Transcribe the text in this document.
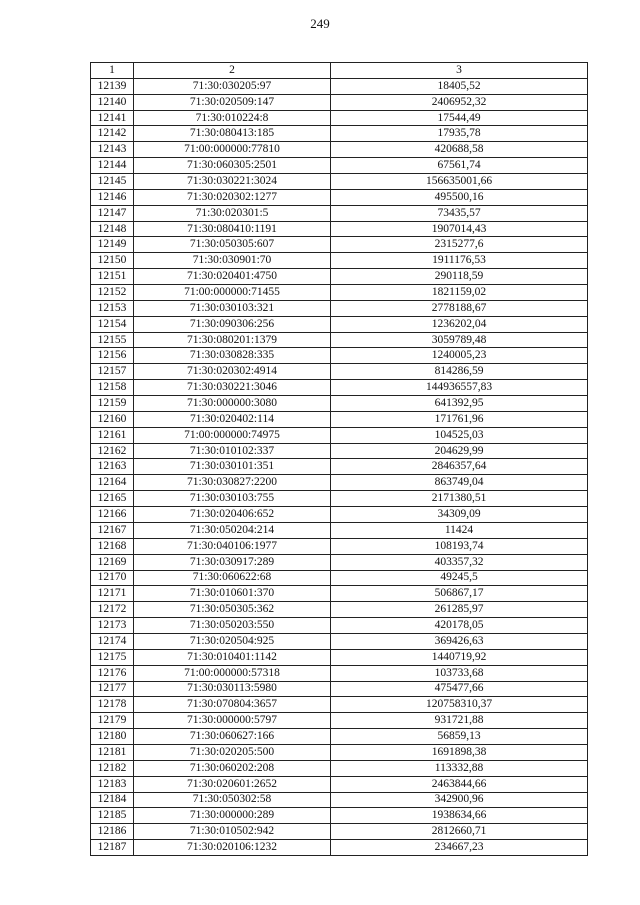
249
1	2	3
12139	71:30:030205:97	18405,52
12140	71:30:020509:147	2406952,32
12141	71:30:010224:8	17544,49
12142	71:30:080413:185	17935,78
12143	71:00:000000:77810	420688,58
12144	71:30:060305:2501	67561,74
12145	71:30:030221:3024	156635001,66
12146	71:30:020302:1277	495500,16
12147	71:30:020301:5	73435,57
12148	71:30:080410:1191	1907014,43
12149	71:30:050305:607	2315277,6
12150	71:30:030901:70	1911176,53
12151	71:30:020401:4750	290118,59
12152	71:00:000000:71455	1821159,02
12153	71:30:030103:321	2778188,67
12154	71:30:090306:256	1236202,04
12155	71:30:080201:1379	3059789,48
12156	71:30:030828:335	1240005,23
12157	71:30:020302:4914	814286,59
12158	71:30:030221:3046	144936557,83
12159	71:30:000000:3080	641392,95
12160	71:30:020402:114	171761,96
12161	71:00:000000:74975	104525,03
12162	71:30:010102:337	204629,99
12163	71:30:030101:351	2846357,64
12164	71:30:030827:2200	863749,04
12165	71:30:030103:755	2171380,51
12166	71:30:020406:652	34309,09
12167	71:30:050204:214	11424
12168	71:30:040106:1977	108193,74
12169	71:30:030917:289	403357,32
12170	71:30:060622:68	49245,5
12171	71:30:010601:370	506867,17
12172	71:30:050305:362	261285,97
12173	71:30:050203:550	420178,05
12174	71:30:020504:925	369426,63
12175	71:30:010401:1142	1440719,92
12176	71:00:000000:57318	103733,68
12177	71:30:030113:5980	475477,66
12178	71:30:070804:3657	120758310,37
12179	71:30:000000:5797	931721,88
12180	71:30:060627:166	56859,13
12181	71:30:020205:500	1691898,38
12182	71:30:060202:208	113332,88
12183	71:30:020601:2652	2463844,66
12184	71:30:050302:58	342900,96
12185	71:30:000000:289	1938634,66
12186	71:30:010502:942	2812660,71
12187	71:30:020106:1232	234667,23
